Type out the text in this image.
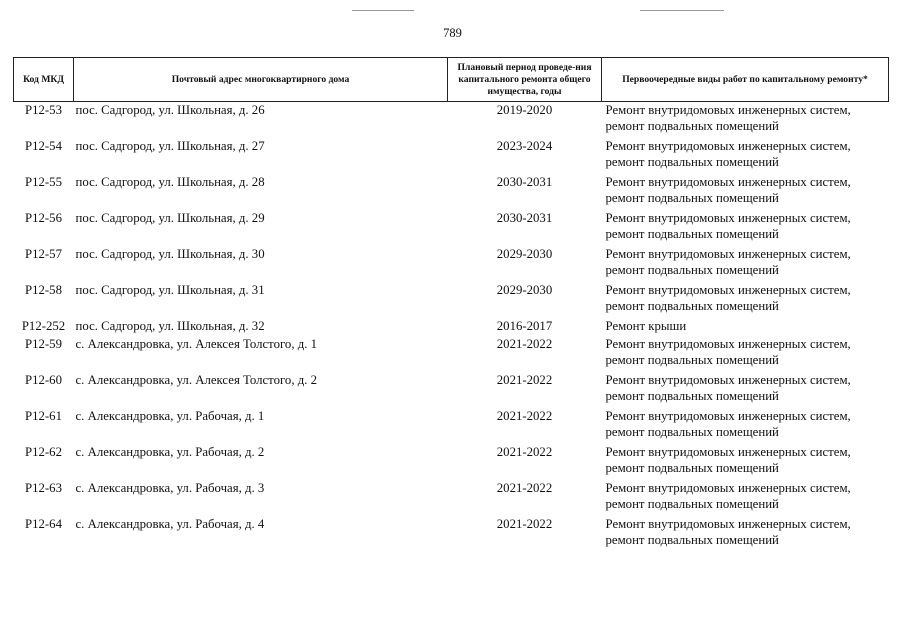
789
Код МКД	Почтовый адрес многоквартирного дома	Плановый период проведе-ния капитального ремонта общего имущества, годы	Первоочередные виды работ по капитальному ремонту*
Р12-53	пос. Садгород, ул. Школьная, д. 26	2019-2020	Ремонт внутридомовых инженерных систем,
ремонт подвальных помещений

Р12-54	пос. Садгород, ул. Школьная, д. 27	2023-2024	Ремонт внутридомовых инженерных систем,
ремонт подвальных помещений

Р12-55	пос. Садгород, ул. Школьная, д. 28	2030-2031	Ремонт внутридомовых инженерных систем,
ремонт подвальных помещений

Р12-56	пос. Садгород, ул. Школьная, д. 29	2030-2031	Ремонт внутридомовых инженерных систем,
ремонт подвальных помещений

Р12-57	пос. Садгород, ул. Школьная, д. 30	2029-2030	Ремонт внутридомовых инженерных систем,
ремонт подвальных помещений

Р12-58	пос. Садгород, ул. Школьная, д. 31	2029-2030	Ремонт внутридомовых инженерных систем,
ремонт подвальных помещений

Р12-252	пос. Садгород, ул. Школьная, д. 32	2016-2017	Ремонт крыши

Р12-59	с. Александровка, ул. Алексея Толстого, д. 1	2021-2022	Ремонт внутридомовых инженерных систем,
ремонт подвальных помещений

Р12-60	с. Александровка, ул. Алексея Толстого, д. 2	2021-2022	Ремонт внутридомовых инженерных систем,
ремонт подвальных помещений

Р12-61	с. Александровка, ул. Рабочая, д. 1	2021-2022	Ремонт внутридомовых инженерных систем,
ремонт подвальных помещений

Р12-62	с. Александровка, ул. Рабочая, д. 2	2021-2022	Ремонт внутридомовых инженерных систем,
ремонт подвальных помещений

Р12-63	с. Александровка, ул. Рабочая, д. 3	2021-2022	Ремонт внутридомовых инженерных систем,
ремонт подвальных помещений

Р12-64	с. Александровка, ул. Рабочая, д. 4	2021-2022	Ремонт внутридомовых инженерных систем,
ремонт подвальных помещений
